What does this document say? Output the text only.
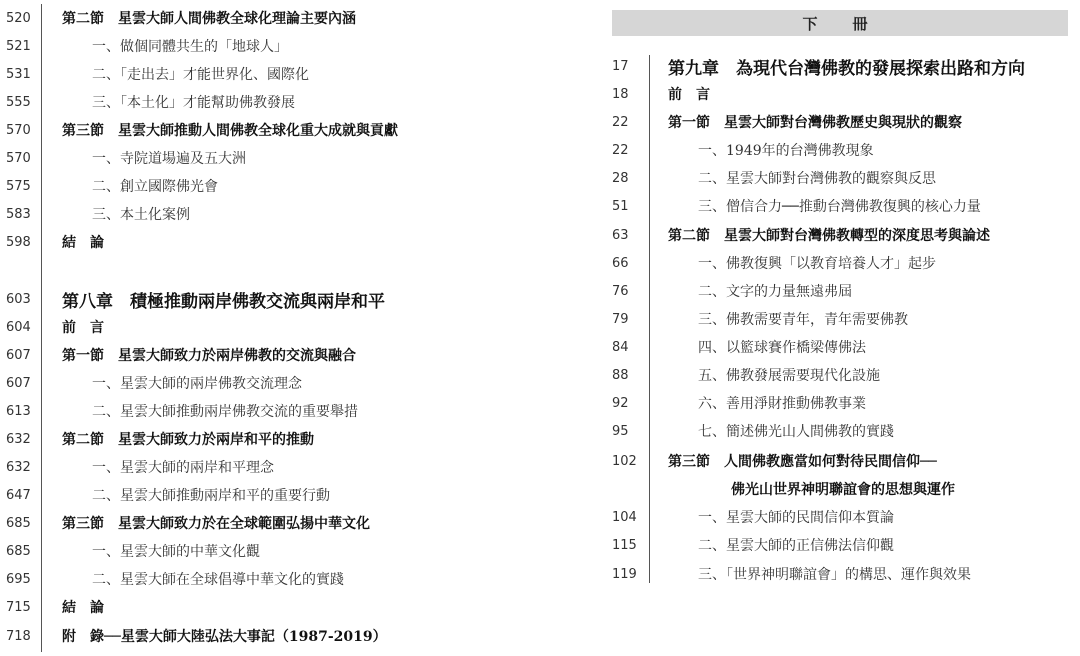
520 第二節　星雲大師人間佛教全球化理論主要內涵
521	一、做個同體共生的「地球人」
531	二、「走出去」才能世界化、國際化
555	三、「本土化」才能幫助佛教發展
570 第三節　星雲大師推動人間佛教全球化重大成就與貢獻
570	一、寺院道場遍及五大洲
575	二、創立國際佛光會
583	三、本土化案例
598 結　論
603 第八章　積極推動兩岸佛教交流與兩岸和平
604 前　言
607 第一節　星雲大師致力於兩岸佛教的交流與融合
607	一、星雲大師的兩岸佛教交流理念
613	二、星雲大師推動兩岸佛教交流的重要舉措
632 第二節　星雲大師致力於兩岸和平的推動
632	一、星雲大師的兩岸和平理念
647	二、星雲大師推動兩岸和平的重要行動
685 第三節　星雲大師致力於在全球範圍弘揚中華文化
685	一、星雲大師的中華文化觀
695	二、星雲大師在全球倡導中華文化的實踐
715 結　論
718 附　錄──星雲大師大陸弘法大事記（1987-2019）
下　冊
17 第九章　為現代台灣佛教的發展探索出路和方向
18	前　言
22	第一節　星雲大師對台灣佛教歷史與現狀的觀察
22	一、1949年的台灣佛教現象
28	二、星雲大師對台灣佛教的觀察與反思
51	三、僧信合力──推動台灣佛教復興的核心力量
63	第二節　星雲大師對台灣佛教轉型的深度思考與論述
66	一、佛教復興「以教育培養人才」起步
76	二、文字的力量無遠弗屆
79	三、佛教需要青年，青年需要佛教
84	四、以籃球賽作橋梁傳佛法
88	五、佛教發展需要現代化設施
92	六、善用淨財推動佛教事業
95	七、簡述佛光山人間佛教的實踐
102 第三節　人間佛教應當如何對待民間信仰──
佛光山世界神明聯誼會的思想與運作
104	一、星雲大師的民間信仰本質論
115	二、星雲大師的正信佛法信仰觀
119	三、「世界神明聯誼會」的構思、運作與效果
